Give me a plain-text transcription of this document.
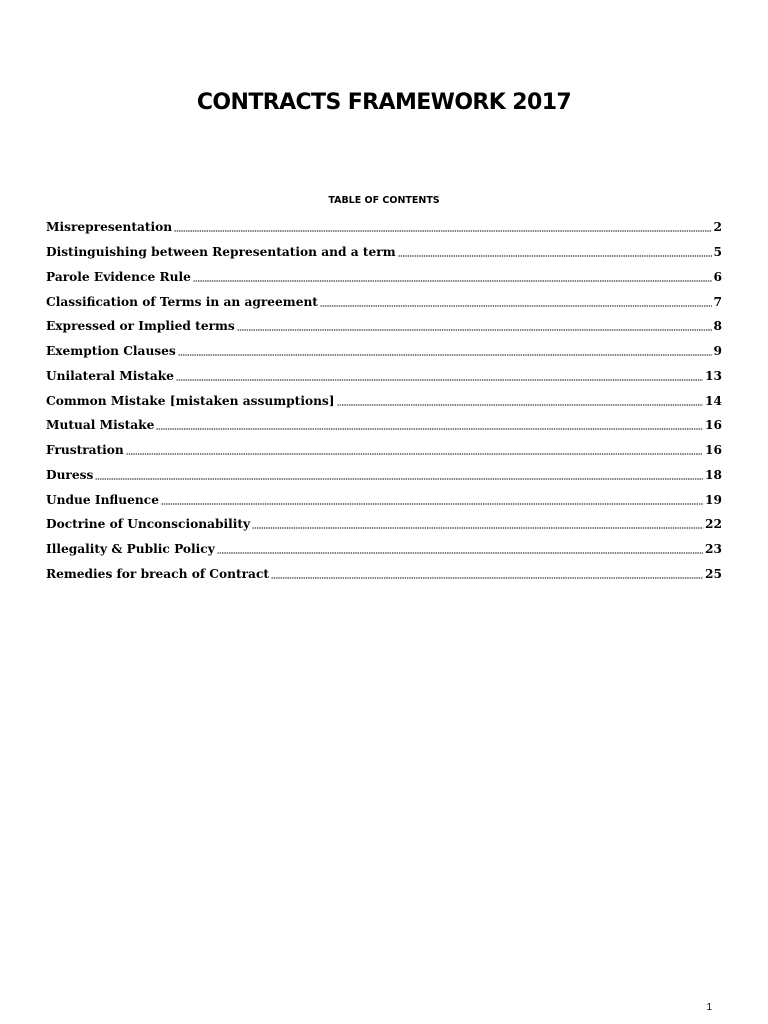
CONTRACTS FRAMEWORK 2017
TABLE OF CONTENTS
Misrepresentation	2
Distinguishing between Representation and a term	5
Parole Evidence Rule	6
Classification of Terms in an agreement	7
Expressed or Implied terms	8
Exemption Clauses	9
Unilateral Mistake	13
Common Mistake [mistaken assumptions]	14
Mutual Mistake	16
Frustration	16
Duress	18
Undue Influence	19
Doctrine of Unconscionability	22
Illegality & Public Policy	23
Remedies for breach of Contract	25
1
